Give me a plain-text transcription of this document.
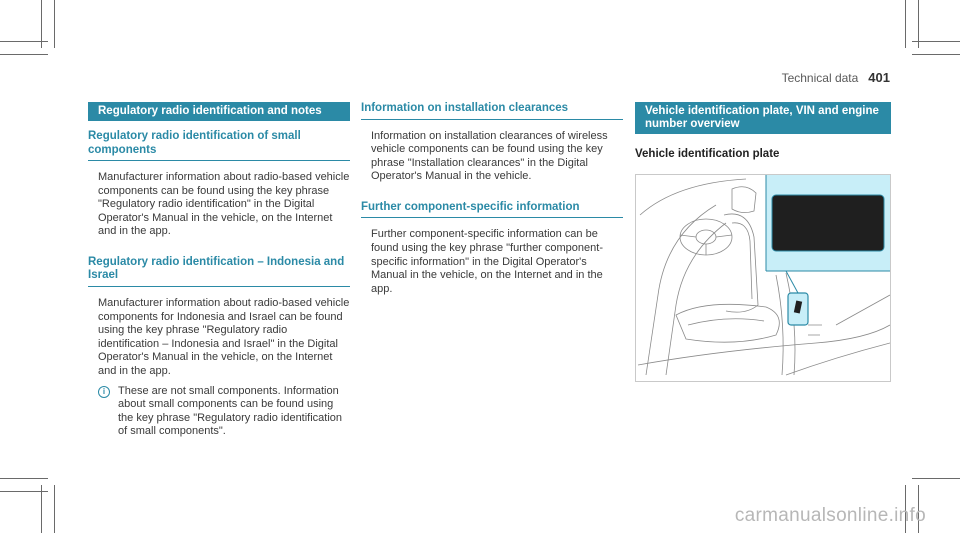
Technical data 401
Regulatory radio identification and notes
Regulatory radio identification of small components

Manufacturer information about radio-based vehicle components can be found using the key phrase "Regulatory radio identification" in the Digital Operator's Manual in the vehicle, on the Internet and in the app.

Regulatory radio identification – Indonesia and Israel

Manufacturer information about radio-based vehicle components for Indonesia and Israel can be found using the key phrase "Regulatory radio identification – Indonesia and Israel" in the Digital Operator's Manual in the vehicle, on the Internet and in the app.

i	These are not small components. Information about small components can be found using the key phrase "Regulatory radio identification of small components".

Information on installation clearances

Information on installation clearances of wireless vehicle components can be found using the key phrase "Installation clearances" in the Digital Operator's Manual in the vehicle.

Further component-specific information

Further component-specific information can be found using the key phrase "further component-specific information" in the Digital Operator's Manual in the vehicle, on the Internet and in the app.

Vehicle identification plate, VIN and engine number overview
Vehicle identification plate
carmanualsonline.info
